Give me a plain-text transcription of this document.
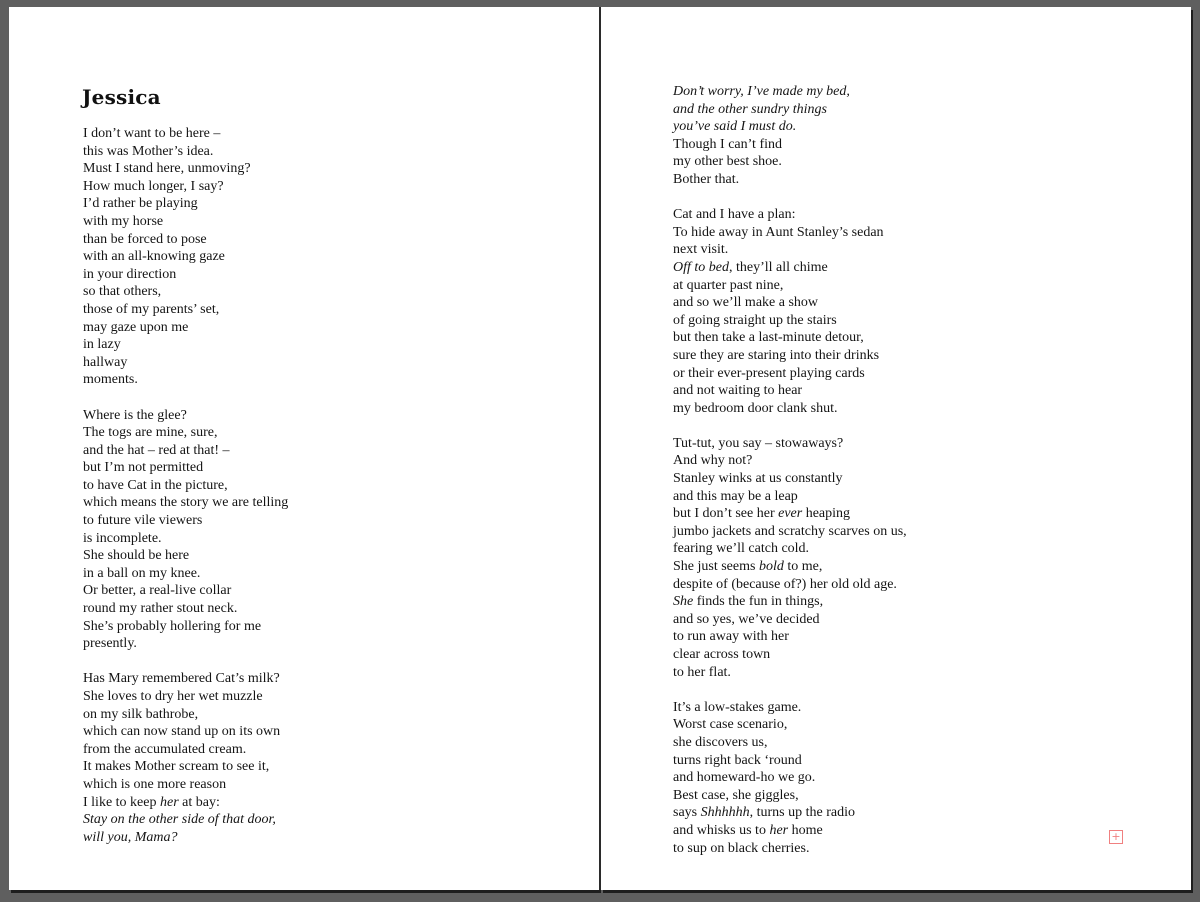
Jessica
I don’t want to be here –
this was Mother’s idea.
Must I stand here, unmoving?
How much longer, I say?
I’d rather be playing
with my horse
than be forced to pose
with an all-knowing gaze
in your direction
so that others,
those of my parents’ set,
may gaze upon me
in lazy
hallway
moments.
Where is the glee?
The togs are mine, sure,
and the hat – red at that! –
but I’m not permitted
to have Cat in the picture,
which means the story we are telling
to future vile viewers
is incomplete.
She should be here
in a ball on my knee.
Or better, a real-live collar
round my rather stout neck.
She’s probably hollering for me
presently.
Has Mary remembered Cat’s milk?
She loves to dry her wet muzzle
on my silk bathrobe,
which can now stand up on its own
from the accumulated cream.
It makes Mother scream to see it,
which is one more reason
I like to keep her at bay:
Stay on the other side of that door,
will you, Mama?
Don’t worry, I’ve made my bed,
and the other sundry things
you’ve said I must do.
Though I can’t find
my other best shoe.
Bother that.
Cat and I have a plan:
To hide away in Aunt Stanley’s sedan
next visit.
Off to bed, they’ll all chime
at quarter past nine,
and so we’ll make a show
of going straight up the stairs
but then take a last-minute detour,
sure they are staring into their drinks
or their ever-present playing cards
and not waiting to hear
my bedroom door clank shut.
Tut-tut, you say – stowaways?
And why not?
Stanley winks at us constantly
and this may be a leap
but I don’t see her ever heaping
jumbo jackets and scratchy scarves on us,
fearing we’ll catch cold.
She just seems bold to me,
despite of (because of?) her old old age.
She finds the fun in things,
and so yes, we’ve decided
to run away with her
clear across town
to her flat.
It’s a low-stakes game.
Worst case scenario,
she discovers us,
turns right back ‘round
and homeward-ho we go.
Best case, she giggles,
says Shhhhhh, turns up the radio
and whisks us to her home
to sup on black cherries.
+
